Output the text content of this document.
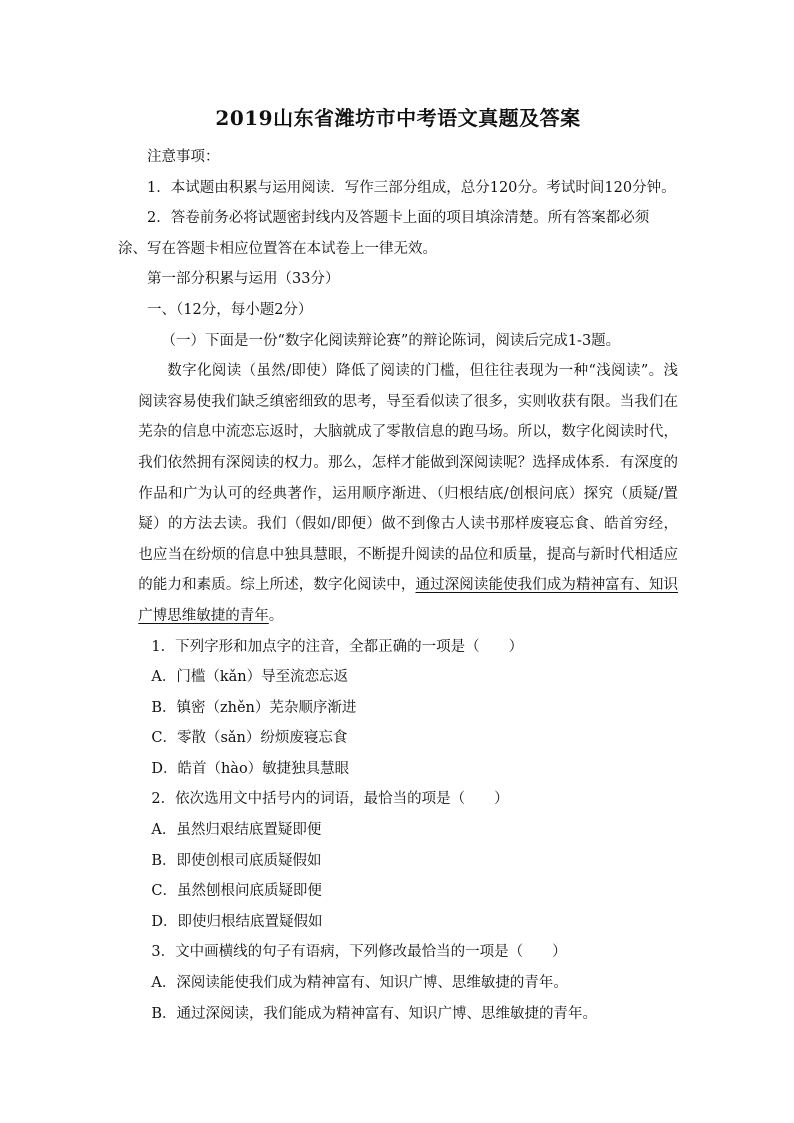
2019山东省潍坊市中考语文真题及答案

注意事项：

1．本试题由积累与运用阅读．写作三部分组成，总分120分。考试时间120分钟。

2．答卷前务必将试题密封线内及答题卡上面的项目填涂清楚。所有答案都必须涂、写在答题卡相应位置答在本试卷上一律无效。

第一部分积累与运用（33分）

一、（12分，每小题2分）

（一）下面是一份“数字化阅读辩论赛”的辩论陈词，阅读后完成1-3题。

数字化阅读（虽然/即使）降低了阅读的门槛，但往往表现为一种“浅阅读”。浅阅读容易使我们缺乏缜密细致的思考，导至看似读了很多，实则收获有限。当我们在芜杂的信息中流恋忘返时，大脑就成了零散信息的跑马场。所以，数字化阅读时代，我们依然拥有深阅读的权力。那么，怎样才能做到深阅读呢？选择成体系．有深度的作品和广为认可的经典著作，运用顺序渐进、（归根结底/创根问底）探究（质疑/置疑）的方法去读。我们（假如/即便）做不到像古人读书那样废寝忘食、皓首穷经，也应当在纷烦的信息中独具慧眼，不断提升阅读的品位和质量，提高与新时代相适应的能力和素质。综上所述，数字化阅读中，通过深阅读能使我们成为精神富有、知识广博思维敏捷的青年。

1．下列字形和加点字的注音，全都正确的一项是（　　）

A．门槛（kǎn）导至流恋忘返

B．镇密（zhěn）芜杂顺序渐进

C．零散（sǎn）纷烦废寝忘食

D．皓首（hào）敏捷独具慧眼

2．依次选用文中括号内的词语，最恰当的项是（　　）

A．虽然归艰结底置疑即便

B．即使创根司底质疑假如

C．虽然刨根问底质疑即便

D．即使归根结底置疑假如

3．文中画横线的句子有语病，下列修改最恰当的一项是（　　）

A．深阅读能使我们成为精神富有、知识广博、思维敏捷的青年。

B．通过深阅读，我们能成为精神富有、知识广博、思维敏捷的青年。
